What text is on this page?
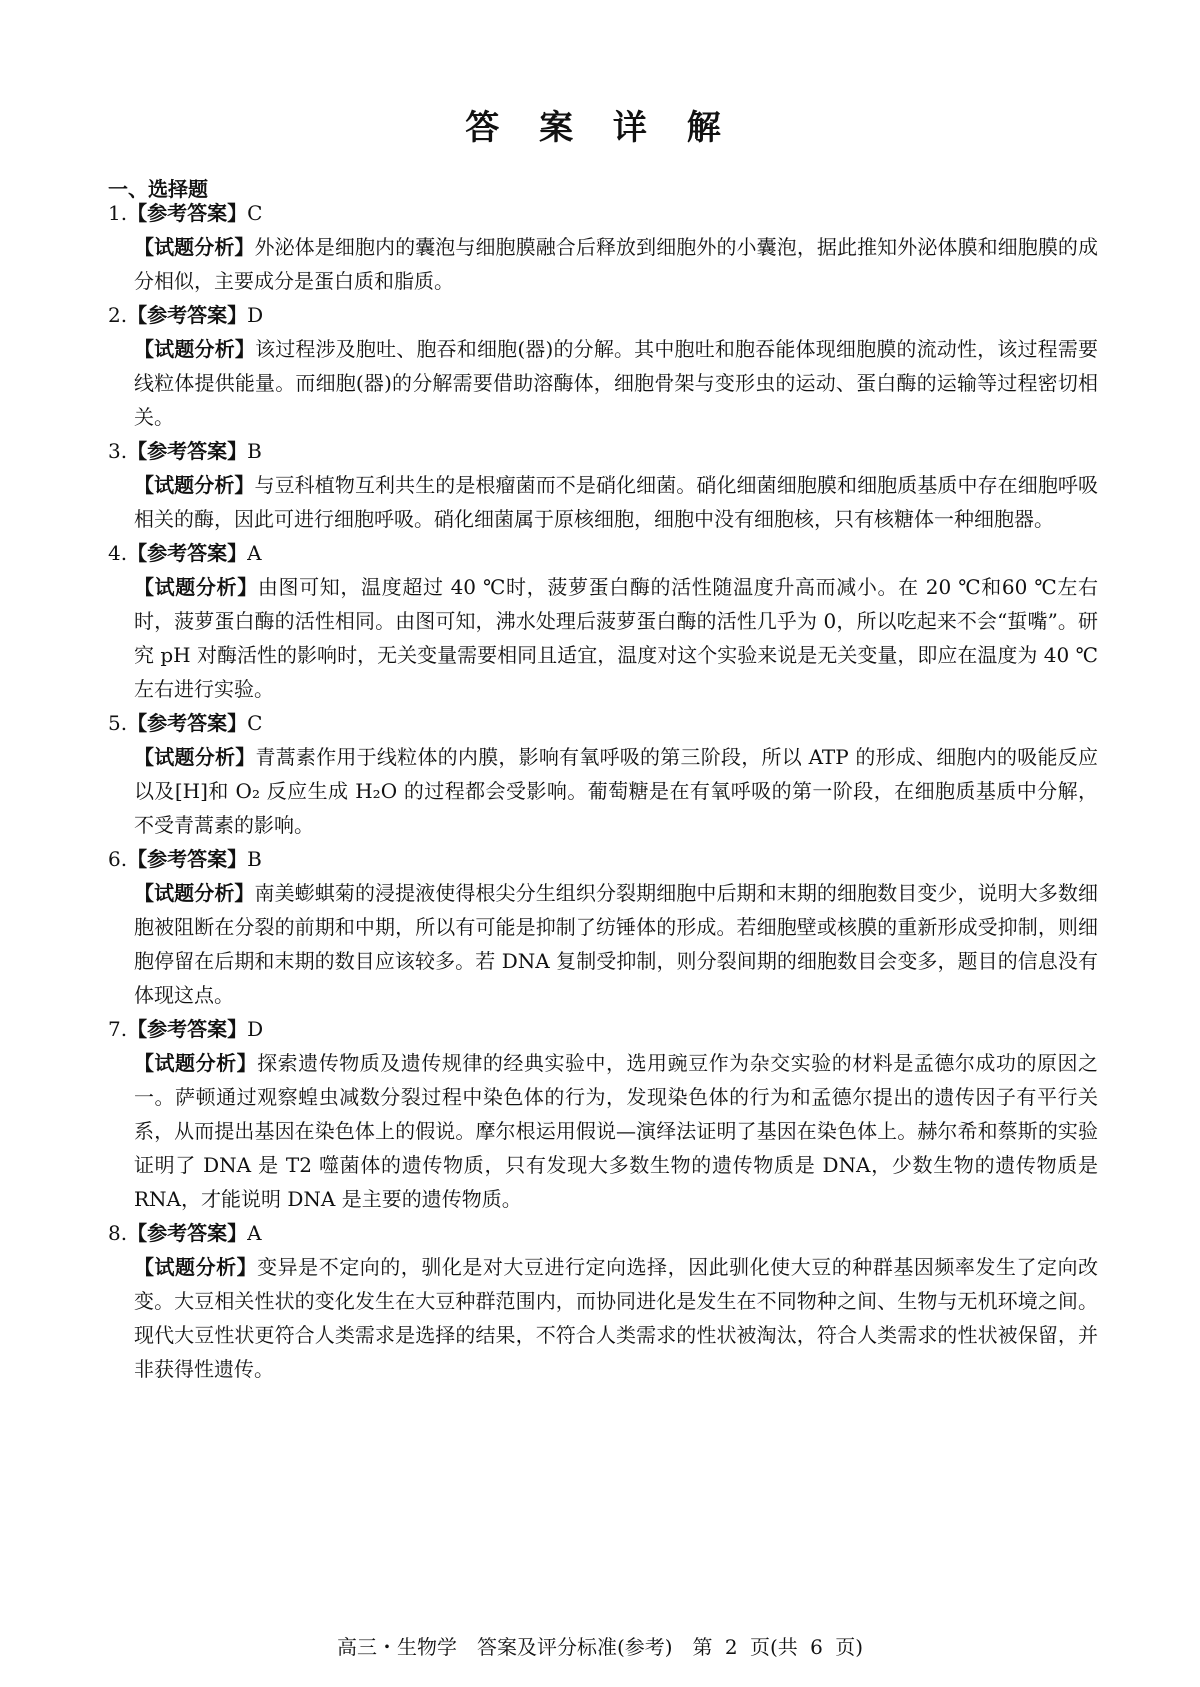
答 案 详 解
一、选择题

1.【参考答案】C

【试题分析】外泌体是细胞内的囊泡与细胞膜融合后释放到细胞外的小囊泡，据此推知外泌体膜和细胞膜的成分相似，主要成分是蛋白质和脂质。

2.【参考答案】D

【试题分析】该过程涉及胞吐、胞吞和细胞(器)的分解。其中胞吐和胞吞能体现细胞膜的流动性，该过程需要线粒体提供能量。而细胞(器)的分解需要借助溶酶体，细胞骨架与变形虫的运动、蛋白酶的运输等过程密切相关。

3.【参考答案】B

【试题分析】与豆科植物互利共生的是根瘤菌而不是硝化细菌。硝化细菌细胞膜和细胞质基质中存在细胞呼吸相关的酶，因此可进行细胞呼吸。硝化细菌属于原核细胞，细胞中没有细胞核，只有核糖体一种细胞器。

4.【参考答案】A

【试题分析】由图可知，温度超过 40 ℃时，菠萝蛋白酶的活性随温度升高而减小。在 20 ℃和60 ℃左右时，菠萝蛋白酶的活性相同。由图可知，沸水处理后菠萝蛋白酶的活性几乎为 0，所以吃起来不会“蜇嘴”。研究 pH 对酶活性的影响时，无关变量需要相同且适宜，温度对这个实验来说是无关变量，即应在温度为 40 ℃左右进行实验。

5.【参考答案】C

【试题分析】青蒿素作用于线粒体的内膜，影响有氧呼吸的第三阶段，所以 ATP 的形成、细胞内的吸能反应以及[H]和 O₂ 反应生成 H₂O 的过程都会受影响。葡萄糖是在有氧呼吸的第一阶段，在细胞质基质中分解，不受青蒿素的影响。

6.【参考答案】B

【试题分析】南美蟛蜞菊的浸提液使得根尖分生组织分裂期细胞中后期和末期的细胞数目变少，说明大多数细胞被阻断在分裂的前期和中期，所以有可能是抑制了纺锤体的形成。若细胞壁或核膜的重新形成受抑制，则细胞停留在后期和末期的数目应该较多。若 DNA 复制受抑制，则分裂间期的细胞数目会变多，题目的信息没有体现这点。

7.【参考答案】D

【试题分析】探索遗传物质及遗传规律的经典实验中，选用豌豆作为杂交实验的材料是孟德尔成功的原因之一。萨顿通过观察蝗虫减数分裂过程中染色体的行为，发现染色体的行为和孟德尔提出的遗传因子有平行关系，从而提出基因在染色体上的假说。摩尔根运用假说—演绎法证明了基因在染色体上。赫尔希和蔡斯的实验证明了 DNA 是 T2 噬菌体的遗传物质，只有发现大多数生物的遗传物质是 DNA，少数生物的遗传物质是 RNA，才能说明 DNA 是主要的遗传物质。

8.【参考答案】A

【试题分析】变异是不定向的，驯化是对大豆进行定向选择，因此驯化使大豆的种群基因频率发生了定向改变。大豆相关性状的变化发生在大豆种群范围内，而协同进化是发生在不同物种之间、生物与无机环境之间。现代大豆性状更符合人类需求是选择的结果，不符合人类需求的性状被淘汰，符合人类需求的性状被保留，并非获得性遗传。

高三・生物学　答案及评分标准(参考)　第 2 页(共 6 页)
